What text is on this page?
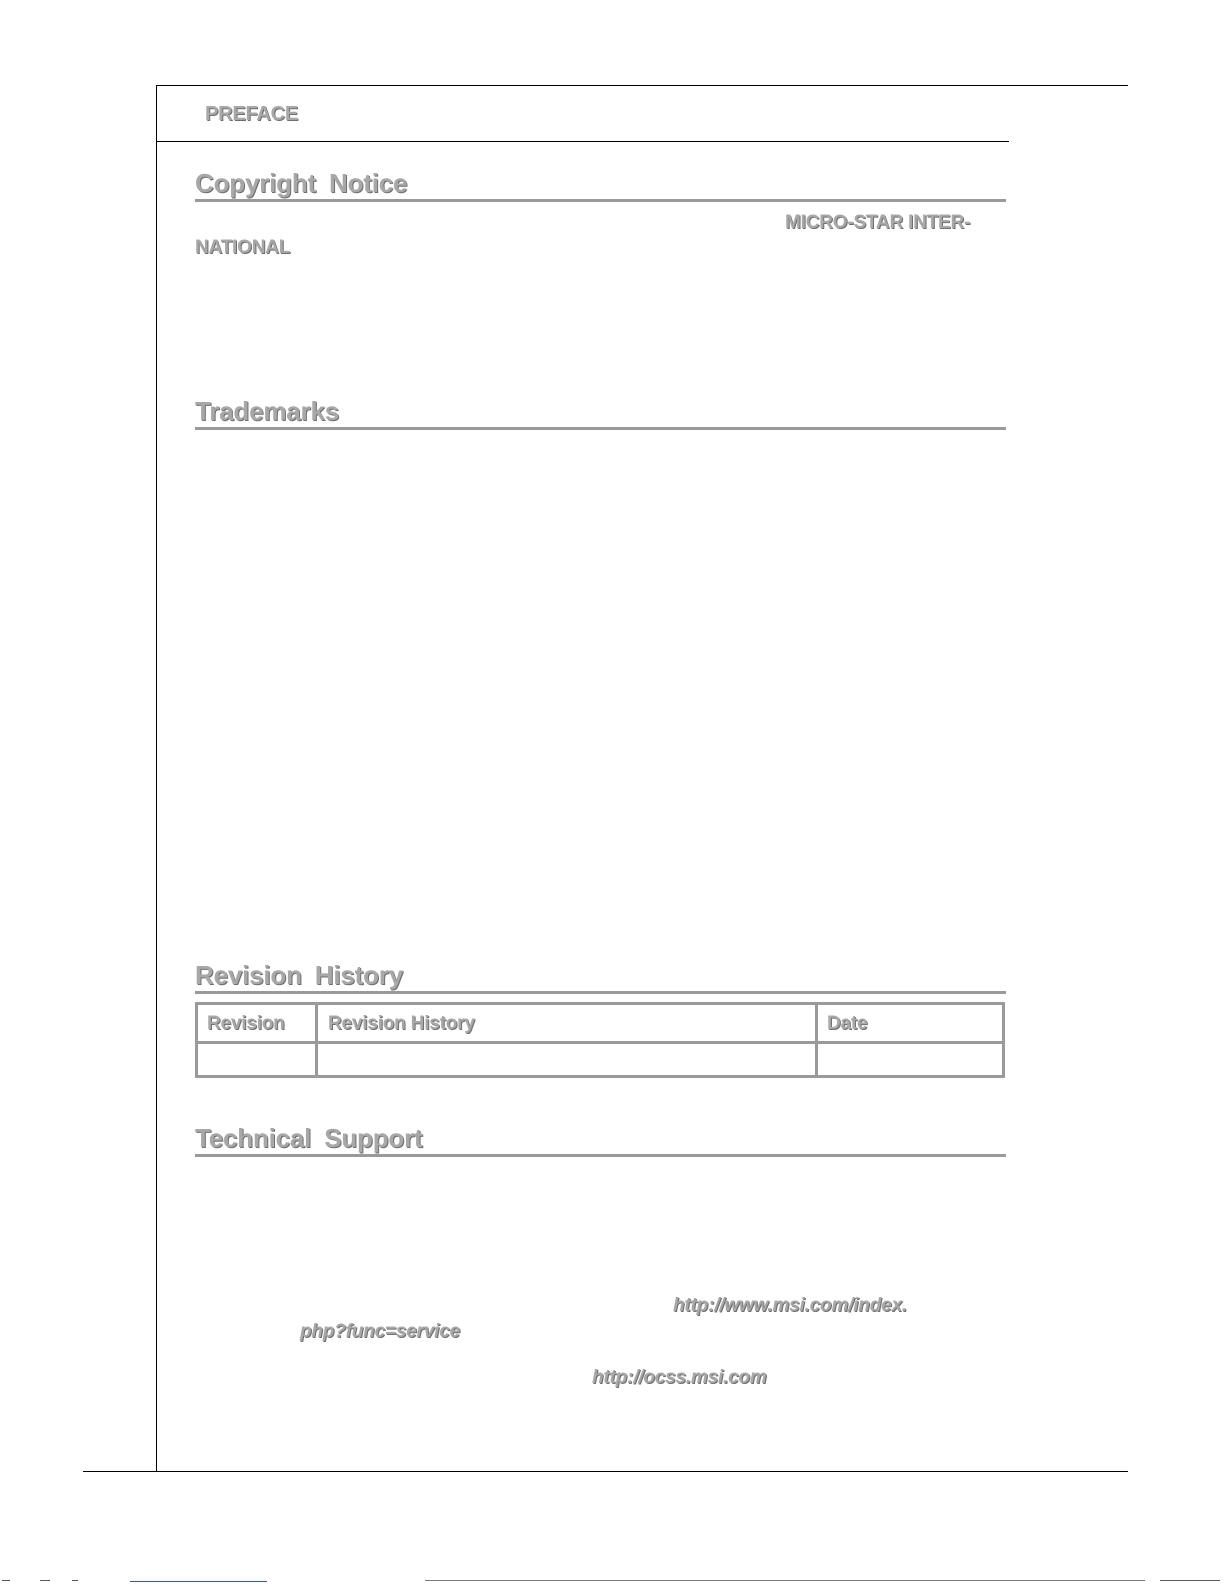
PREFACE
Copyright Notice
MICRO-STAR INTER-
NATIONAL
Trademarks
Revision History
Revision Revision History	Date
Technical Support
http://www.msi.com/index.
php?func=service
http://ocss.msi.com
